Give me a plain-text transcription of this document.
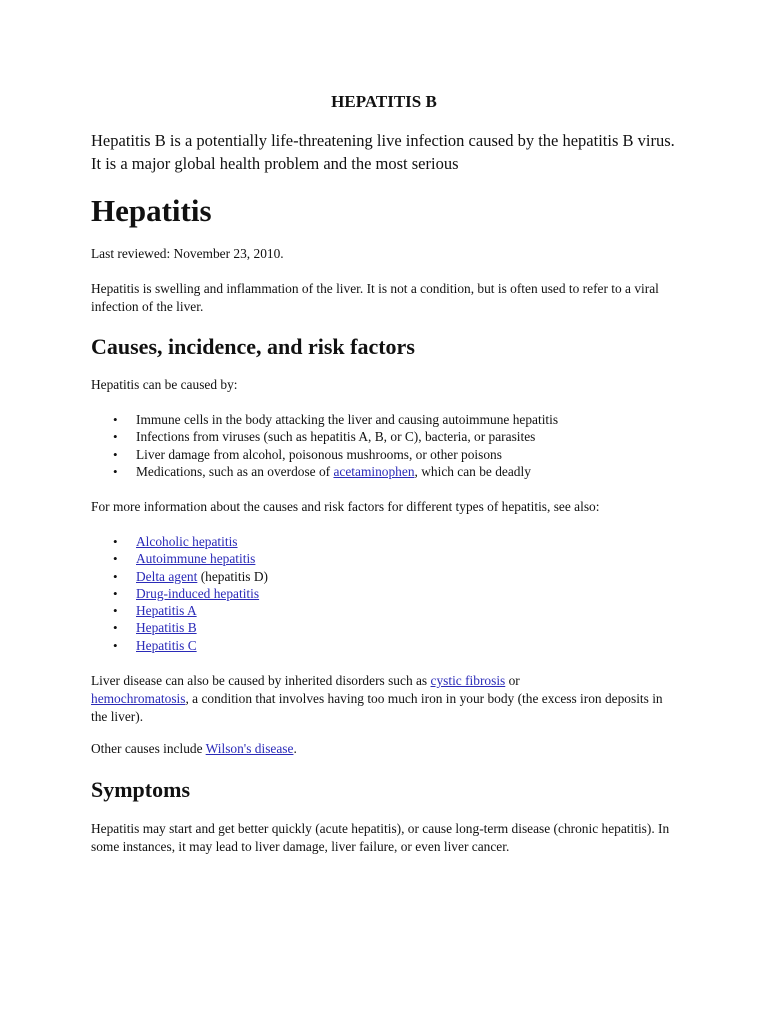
HEPATITIS B

Hepatitis B is a potentially life-threatening live infection caused by the hepatitis B virus. It is a major global health problem and the most serious

Hepatitis

Last reviewed: November 23, 2010.

Hepatitis is swelling and inflammation of the liver. It is not a condition, but is often used to refer to a viral infection of the liver.

Causes, incidence, and risk factors

Hepatitis can be caused by:

• Immune cells in the body attacking the liver and causing autoimmune hepatitis
• Infections from viruses (such as hepatitis A, B, or C), bacteria, or parasites
• Liver damage from alcohol, poisonous mushrooms, or other poisons
• Medications, such as an overdose of acetaminophen, which can be deadly

For more information about the causes and risk factors for different types of hepatitis, see also:

• Alcoholic hepatitis
• Autoimmune hepatitis
• Delta agent (hepatitis D)
• Drug-induced hepatitis
• Hepatitis A
• Hepatitis B
• Hepatitis C

Liver disease can also be caused by inherited disorders such as cystic fibrosis or
hemochromatosis, a condition that involves having too much iron in your body (the excess iron deposits in the liver).

Other causes include Wilson's disease.

Symptoms

Hepatitis may start and get better quickly (acute hepatitis), or cause long-term disease (chronic hepatitis). In some instances, it may lead to liver damage, liver failure, or even liver cancer.
